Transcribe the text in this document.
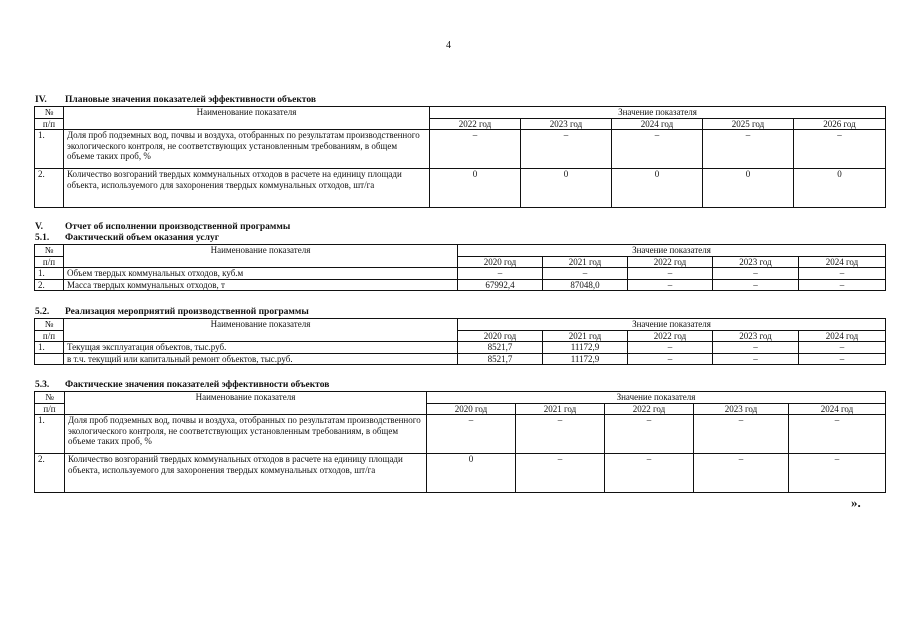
4
IV. Плановые значения показателей эффективности объектов
№	Наименование показателя	Значение показателя				
п/п		2022 год	2023 год	2024 год	2025 год	2026 год
1.	Доля проб подземных вод, почвы и воздуха, отобранных по результатам производственного экологического контроля, не соответствующих установленным требованиям, в общем объеме таких проб, %	–	–	–	–	–
2.	Количество возгораний твердых коммунальных отходов в расчете на единицу площади объекта, используемого для захоронения твердых коммунальных отходов, шт/га	0	0	0	0	0
V. Отчет об исполнении производственной программы
5.1. Фактический объем оказания услуг
№	Наименование показателя	Значение показателя				
п/п		2020 год	2021 год	2022 год	2023 год	2024 год
1.	Объем твердых коммунальных отходов, куб.м	–	–	–	–	–
2.	Масса твердых коммунальных отходов, т	67992,4	87048,0	–	–	–
5.2. Реализация мероприятий производственной программы
№	Наименование показателя	Значение показателя				
п/п		2020 год	2021 год	2022 год	2023 год	2024 год
1.	Текущая эксплуатация объектов, тыс.руб.	8521,7	11172,9	–	–	–
	в т.ч. текущий или капитальный ремонт объектов, тыс.руб.	8521,7	11172,9	–	–	–
5.3. Фактические значения показателей эффективности объектов
№	Наименование показателя	Значение показателя				
п/п		2020 год	2021 год	2022 год	2023 год	2024 год
1.	Доля проб подземных вод, почвы и воздуха, отобранных по результатам производственного экологического контроля, не соответствующих установленным требованиям, в общем объеме таких проб, %	–	–	–	–	–
2.	Количество возгораний твердых коммунальных отходов в расчете на единицу площади объекта, используемого для захоронения твердых коммунальных отходов, шт/га	0	–	–	–	–
».
